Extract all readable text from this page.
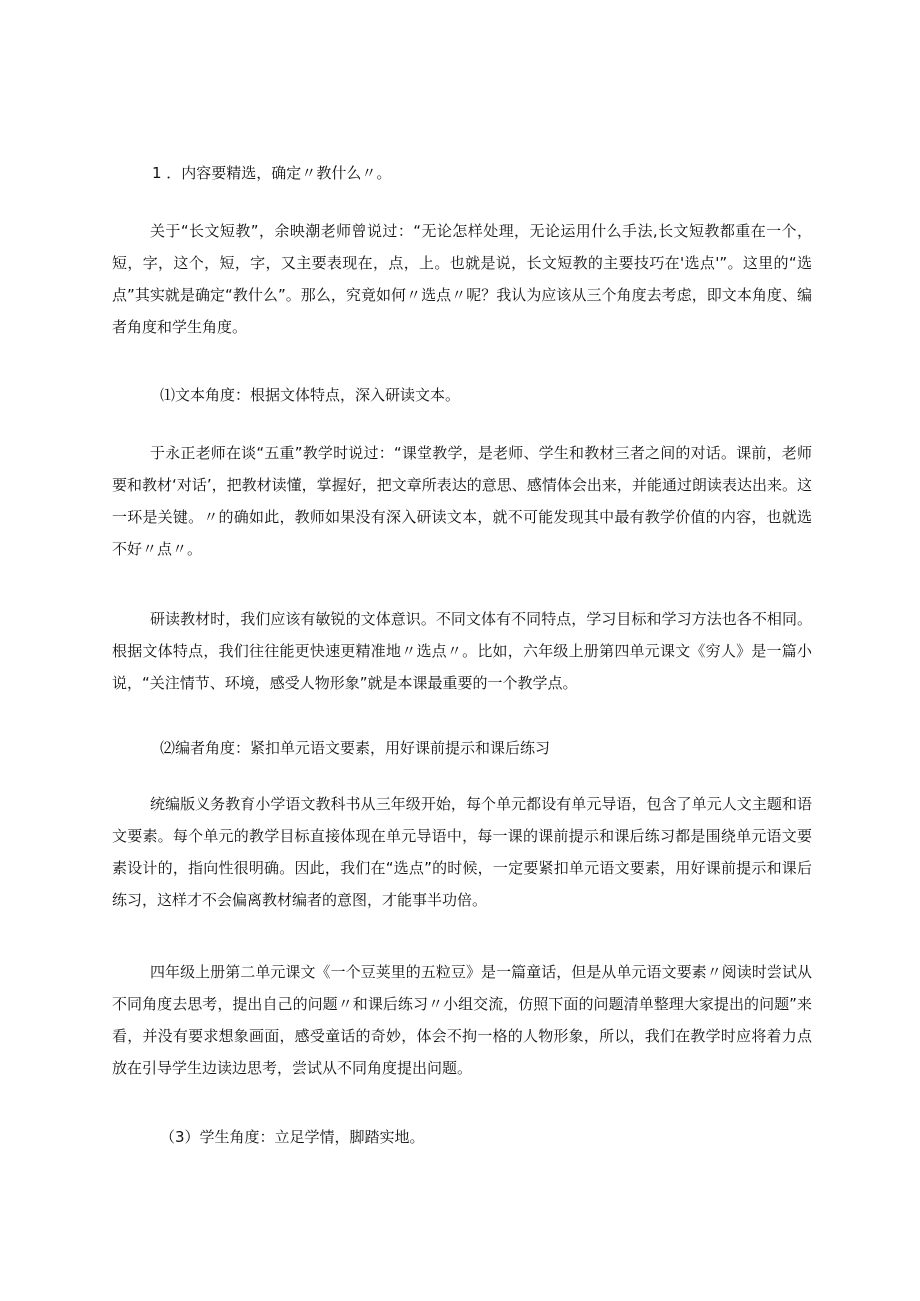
1 ．内容要精选，确定〃教什么〃。
关于“长文短教”，余映潮老师曾说过：“无论怎样处理，无论运用什么手法,长文短教都重在一个，短，字，这个，短，字，又主要表现在，点，上。也就是说，长文短教的主要技巧在'选点'”。这里的“选点”其实就是确定“教什么”。那么，究竟如何〃选点〃呢？我认为应该从三个角度去考虑，即文本角度、编者角度和学生角度。
⑴文本角度：根据文体特点，深入研读文本。
于永正老师在谈“五重”教学时说过：“课堂教学，是老师、学生和教材三者之间的对话。课前，老师要和教材‘对话’，把教材读懂，掌握好，把文章所表达的意思、感情体会出来，并能通过朗读表达出来。这一环是关键。〃的确如此，教师如果没有深入研读文本，就不可能发现其中最有教学价值的内容，也就选不好〃点〃。
研读教材时，我们应该有敏锐的文体意识。不同文体有不同特点，学习目标和学习方法也各不相同。根据文体特点，我们往往能更快速更精准地〃选点〃。比如，六年级上册第四单元课文《穷人》是一篇小说，“关注情节、环境，感受人物形象”就是本课最重要的一个教学点。
⑵编者角度：紧扣单元语文要素，用好课前提示和课后练习
统编版义务教育小学语文教科书从三年级开始，每个单元都设有单元导语，包含了单元人文主题和语文要素。每个单元的教学目标直接体现在单元导语中，每一课的课前提示和课后练习都是围绕单元语文要素设计的，指向性很明确。因此，我们在“选点”的时候，一定要紧扣单元语文要素，用好课前提示和课后练习，这样才不会偏离教材编者的意图，才能事半功倍。
四年级上册第二单元课文《一个豆荚里的五粒豆》是一篇童话，但是从单元语文要素〃阅读时尝试从不同角度去思考，提出自己的问题〃和课后练习〃小组交流，仿照下面的问题清单整理大家提出的问题”来看，并没有要求想象画面，感受童话的奇妙，体会不拘一格的人物形象，所以，我们在教学时应将着力点放在引导学生边读边思考，尝试从不同角度提出问题。
（3）学生角度：立足学情，脚踏实地。
